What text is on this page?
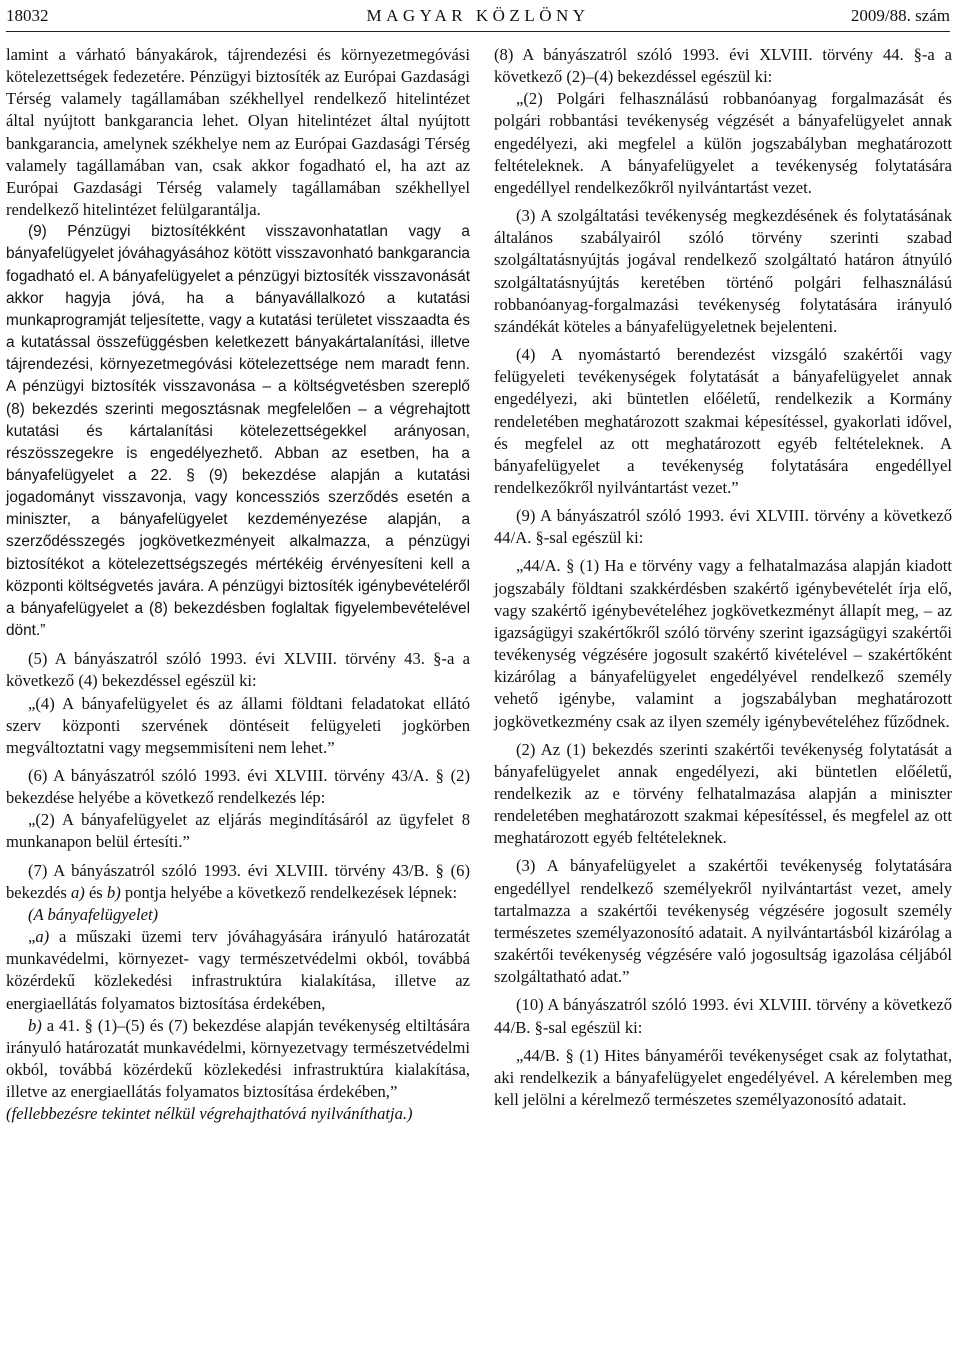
18032	MAGYAR KÖZLÖNY	2009/88. szám

lamint a várható bányakárok, tájrendezési és környezetmegóvási kötelezettségek fedezetére. Pénzügyi biztosíték az Európai Gazdasági Térség valamely tagállamában székhellyel rendelkező hitelintézet által nyújtott bankgarancia lehet. Olyan hitelintézet által nyújtott bankgarancia, amelynek székhelye nem az Európai Gazdasági Térség valamely tagállamában van, csak akkor fogadható el, ha azt az Európai Gazdasági Térség valamely tagállamában székhellyel rendelkező hitelintézet felülgarantálja.

(9) Pénzügyi biztosítékként visszavonhatatlan vagy a bányafelügyelet jóváhagyásához kötött visszavonható bankgarancia fogadható el. A bányafelügyelet a pénzügyi biztosíték visszavonását akkor hagyja jóvá, ha a bányavállalkozó a kutatási munkaprogramját teljesítette, vagy a kutatási területet visszaadta és a kutatással összefüggésben keletkezett bányakártalanítási, illetve tájrendezési, környezetmegóvási kötelezettsége nem maradt fenn. A pénzügyi biztosíték visszavonása – a költségvetésben szereplő (8) bekezdés szerinti megosztásnak megfelelően – a végrehajtott kutatási és kártalanítási kötelezettségekkel arányosan, részösszegekre is engedélyezhető. Abban az esetben, ha a bányafelügyelet a 22. § (9) bekezdése alapján a kutatási jogadományt visszavonja, vagy koncessziós szerződés esetén a miniszter, a bányafelügyelet kezdeményezése alapján, a szerződésszegés jogkövetkezményeit alkalmazza, a pénzügyi biztosítékot a kötelezettségszegés mértékéig érvényesíteni kell a központi költségvetés javára. A pénzügyi biztosíték igénybevételéről a bányafelügyelet a (8) bekezdésben foglaltak figyelembevételével dönt.”

(5) A bányászatról szóló 1993. évi XLVIII. törvény 43. §-a a következő (4) bekezdéssel egészül ki:

„(4) A bányafelügyelet és az állami földtani feladatokat ellátó szerv központi szervének döntéseit felügyeleti jogkörben megváltoztatni vagy megsemmisíteni nem lehet.”

(6) A bányászatról szóló 1993. évi XLVIII. törvény 43/A. § (2) bekezdése helyébe a következő rendelkezés lép:

„(2) A bányafelügyelet az eljárás megindításáról az ügyfelet 8 munkanapon belül értesíti.”

(7) A bányászatról szóló 1993. évi XLVIII. törvény 43/B. § (6) bekezdés a) és b) pontja helyébe a következő rendelkezések lépnek:

(A bányafelügyelet)

„a) a műszaki üzemi terv jóváhagyására irányuló határozatát munkavédelmi, környezet- vagy természetvédelmi okból, továbbá közérdekű közlekedési infrastruktúra kialakítása, illetve az energiaellátás folyamatos biztosítása érdekében,

b) a 41. § (1)–(5) és (7) bekezdése alapján tevékenység eltiltására irányuló határozatát munkavédelmi, környezetvagy természetvédelmi okból, továbbá közérdekű közlekedési infrastruktúra kialakítása, illetve az energiaellátás folyamatos biztosítása érdekében,”

(fellebbezésre tekintet nélkül végrehajthatóvá nyilváníthatja.)

(8) A bányászatról szóló 1993. évi XLVIII. törvény 44. §-a a következő (2)–(4) bekezdéssel egészül ki:

„(2) Polgári felhasználású robbanóanyag forgalmazását és polgári robbantási tevékenység végzését a bányafelügyelet annak engedélyezi, aki megfelel a külön jogszabályban meghatározott feltételeknek. A bányafelügyelet a tevékenység folytatására engedéllyel rendelkezőkről nyilvántartást vezet.

(3) A szolgáltatási tevékenység megkezdésének és folytatásának általános szabályairól szóló törvény szerinti szabad szolgáltatásnyújtás jogával rendelkező szolgáltató határon átnyúló szolgáltatásnyújtás keretében történő polgári felhasználású robbanóanyag-forgalmazási tevékenység folytatására irányuló szándékát köteles a bányafelügyeletnek bejelenteni.

(4) A nyomástartó berendezést vizsgáló szakértői vagy felügyeleti tevékenységek folytatását a bányafelügyelet annak engedélyezi, aki büntetlen előéletű, rendelkezik a Kormány rendeletében meghatározott szakmai képesítéssel, gyakorlati idővel, és megfelel az ott meghatározott egyéb feltételeknek. A bányafelügyelet a tevékenység folytatására engedéllyel rendelkezőkről nyilvántartást vezet.”

(9) A bányászatról szóló 1993. évi XLVIII. törvény a következő 44/A. §-sal egészül ki:

„44/A. § (1) Ha e törvény vagy a felhatalmazása alapján kiadott jogszabály földtani szakkérdésben szakértő igénybevételét írja elő, vagy szakértő igénybevételéhez jogkövetkezményt állapít meg, – az igazságügyi szakértőkről szóló törvény szerint igazságügyi szakértői tevékenység végzésére jogosult szakértő kivételével – szakértőként kizárólag a bányafelügyelet engedélyével rendelkező személy vehető igénybe, valamint a jogszabályban meghatározott jogkövetkezmény csak az ilyen személy igénybevételéhez fűződnek.

(2) Az (1) bekezdés szerinti szakértői tevékenység folytatását a bányafelügyelet annak engedélyezi, aki büntetlen előéletű, rendelkezik az e törvény felhatalmazása alapján a miniszter rendeletében meghatározott szakmai képesítéssel, és megfelel az ott meghatározott egyéb feltételeknek.

(3) A bányafelügyelet a szakértői tevékenység folytatására engedéllyel rendelkező személyekről nyilvántartást vezet, amely tartalmazza a szakértői tevékenység végzésére jogosult személy természetes személyazonosító adatait. A nyilvántartásból kizárólag a szakértői tevékenység végzésére való jogosultság igazolása céljából szolgáltatható adat.”

(10) A bányászatról szóló 1993. évi XLVIII. törvény a következő 44/B. §-sal egészül ki:

„44/B. § (1) Hites bányamérői tevékenységet csak az folytathat, aki rendelkezik a bányafelügyelet engedélyével. A kérelemben meg kell jelölni a kérelmező természetes személyazonosító adatait.
